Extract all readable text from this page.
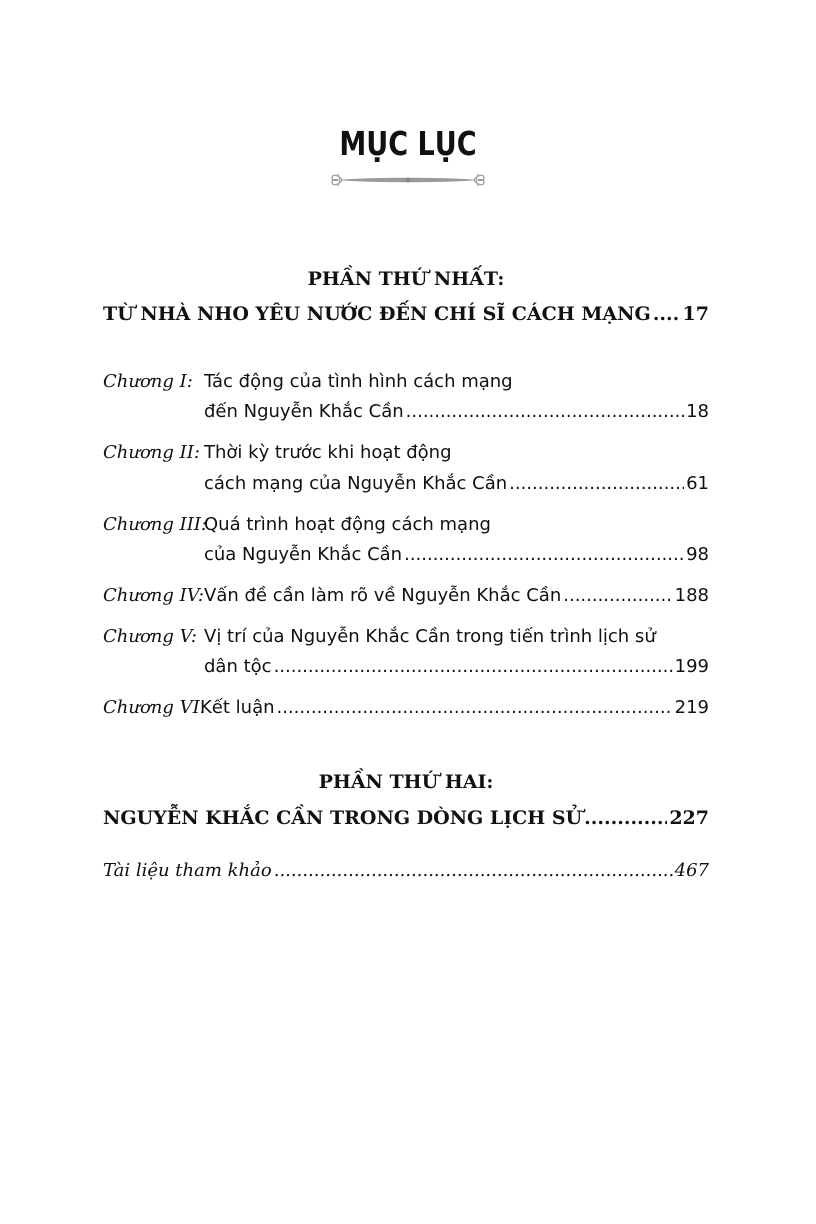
MỤC LỤC
PHẦN THỨ NHẤT:
TỪ NHÀ NHO YÊU NƯỚC ĐẾN CHÍ SĨ CÁCH MẠNG ..... 17
Chương I: Tác động của tình hình cách mạng
đến Nguyễn Khắc Cần .....	18
Chương II: Thời kỳ trước khi hoạt động
cách mạng của Nguyễn Khắc Cần .....	61
Chương III:
Quá trình hoạt động cách mạng
của Nguyễn Khắc Cần .....	98
Chương IV: Vấn đề cần làm rõ về Nguyễn Khắc Cần .....	188
Chương V: Vị trí của Nguyễn Khắc Cần trong tiến trình lịch sử
dân tộc .....	199
Chương VI:
Kết luận .....	219
PHẦN THỨ HAI:
NGUYỄN KHẮC CẦN TRONG DÒNG LỊCH SỬ .....	227
Tài liệu tham khảo .....	467
